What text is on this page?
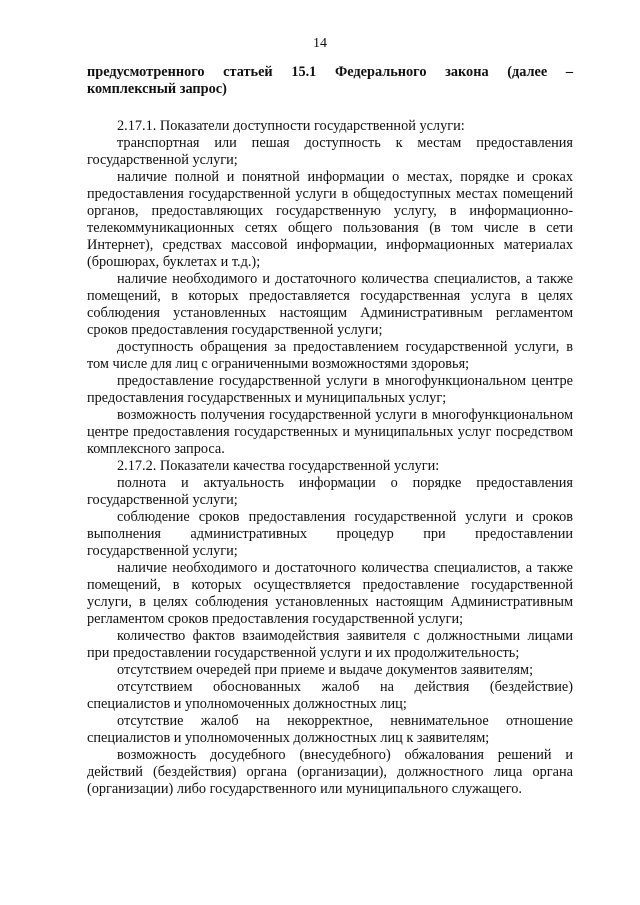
14

предусмотренного статьей 15.1 Федерального закона (далее – комплексный запрос)

2.17.1. Показатели доступности государственной услуги:

транспортная или пешая доступность к местам предоставления государственной услуги;

наличие полной и понятной информации о местах, порядке и сроках предоставления государственной услуги в общедоступных местах помещений органов, предоставляющих государственную услугу, в информационно-телекоммуникационных сетях общего пользования (в том числе в сети Интернет), средствах массовой информации, информационных материалах (брошюрах, буклетах и т.д.);

наличие необходимого и достаточного количества специалистов, а также помещений, в которых предоставляется государственная услуга в целях соблюдения установленных настоящим Административным регламентом сроков предоставления государственной услуги;

доступность обращения за предоставлением государственной услуги, в том числе для лиц с ограниченными возможностями здоровья;

предоставление государственной услуги в многофункциональном центре предоставления государственных и муниципальных услуг;

возможность получения государственной услуги в многофункциональном центре предоставления государственных и муниципальных услуг посредством комплексного запроса.

2.17.2. Показатели качества государственной услуги:

полнота и актуальность информации о порядке предоставления государственной услуги;

соблюдение сроков предоставления государственной услуги и сроков выполнения административных процедур при предоставлении государственной услуги;

наличие необходимого и достаточного количества специалистов, а также помещений, в которых осуществляется предоставление государственной услуги, в целях соблюдения установленных настоящим Административным регламентом сроков предоставления государственной услуги;

количество фактов взаимодействия заявителя с должностными лицами при предоставлении государственной услуги и их продолжительность;

отсутствием очередей при приеме и выдаче документов заявителям;

отсутствием обоснованных жалоб на действия (бездействие) специалистов и уполномоченных должностных лиц;

отсутствие жалоб на некорректное, невнимательное отношение специалистов и уполномоченных должностных лиц к заявителям;

возможность досудебного (внесудебного) обжалования решений и действий (бездействия) органа (организации), должностного лица органа (организации) либо государственного или муниципального служащего.
